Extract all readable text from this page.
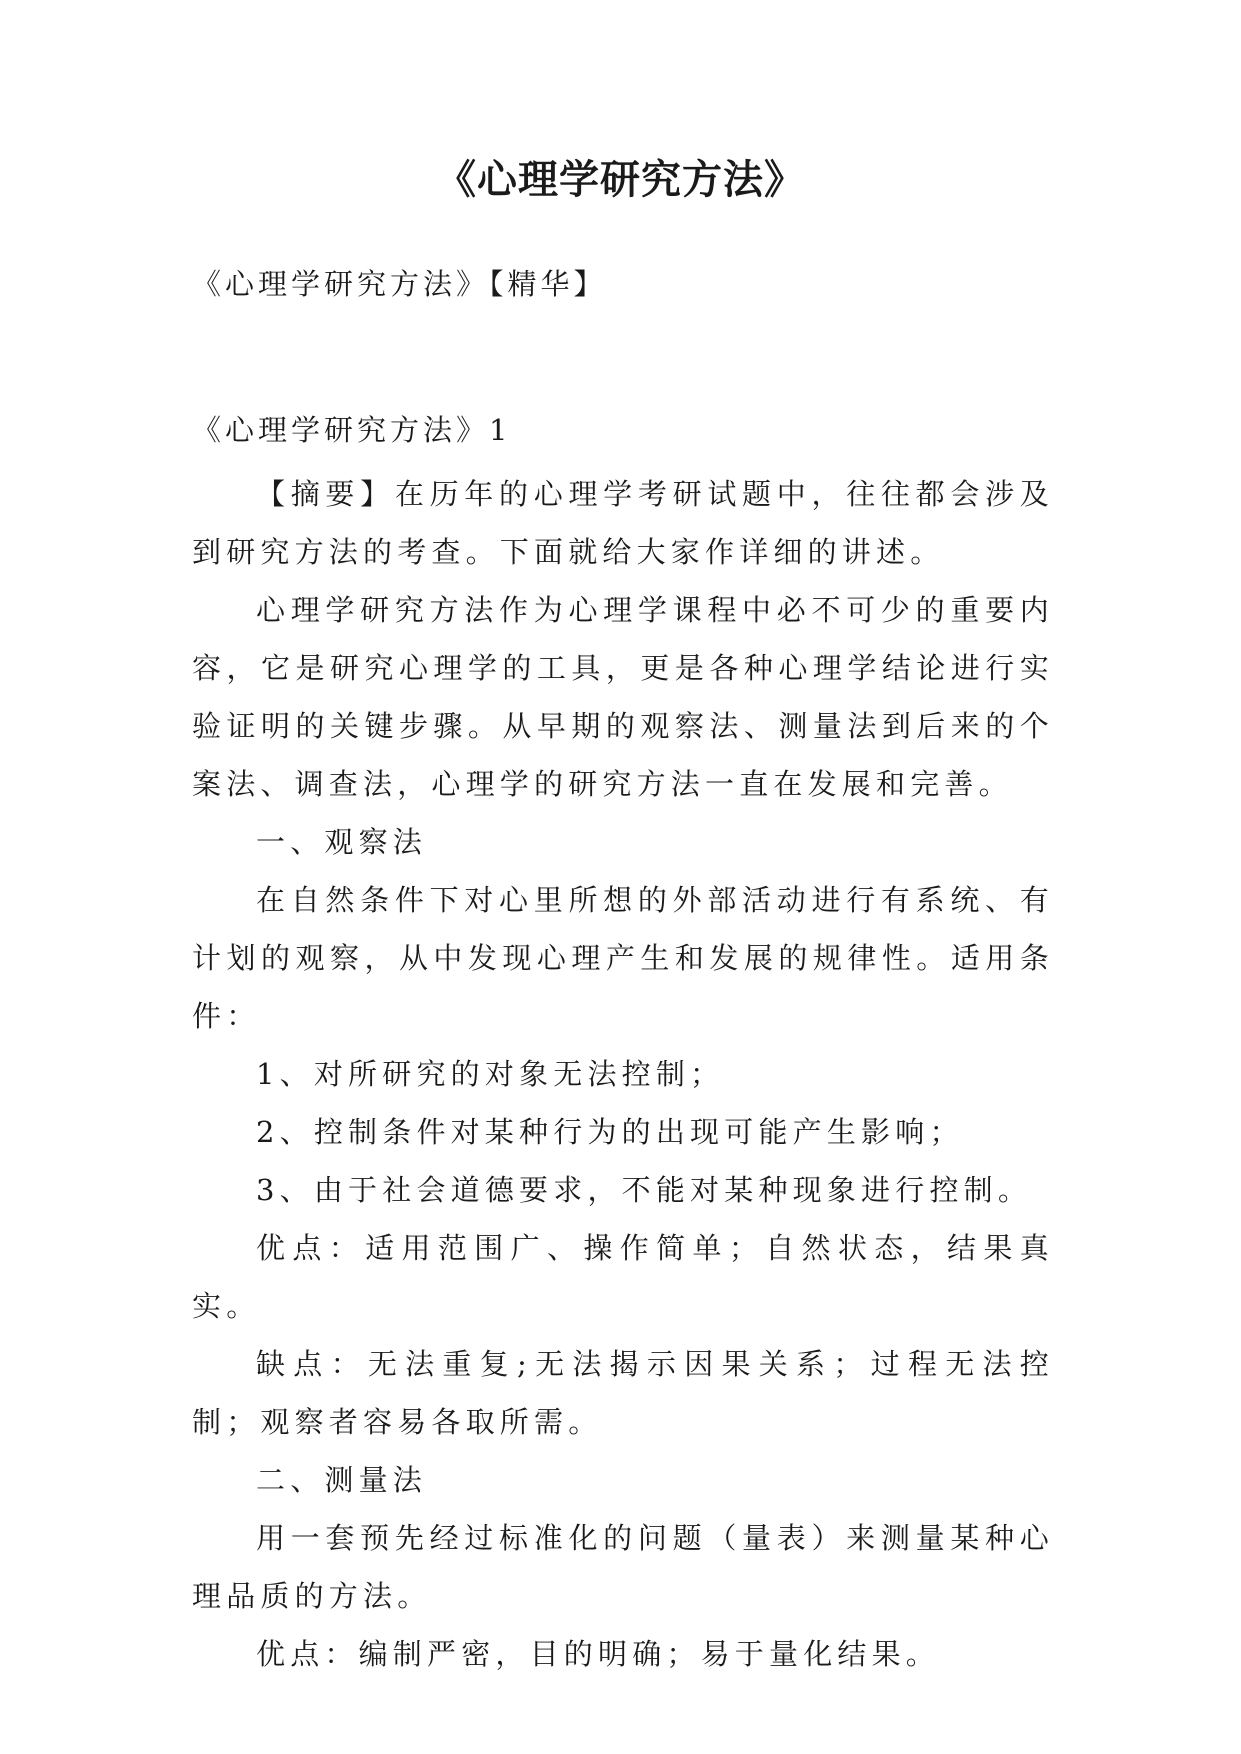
《心理学研究方法》
《心理学研究方法》【精华】
《心理学研究方法》1

【摘要】在历年的心理学考研试题中，往往都会涉及到研究方法的考查。下面就给大家作详细的讲述。

心理学研究方法作为心理学课程中必不可少的重要内容，它是研究心理学的工具，更是各种心理学结论进行实验证明的关键步骤。从早期的观察法、测量法到后来的个案法、调查法，心理学的研究方法一直在发展和完善。

一、观察法

在自然条件下对心里所想的外部活动进行有系统、有计划的观察，从中发现心理产生和发展的规律性。适用条件：

1、对所研究的对象无法控制；

2、控制条件对某种行为的出现可能产生影响；

3、由于社会道德要求，不能对某种现象进行控制。

优点：适用范围广、操作简单；自然状态，结果真实。

缺点：无法重复;无法揭示因果关系；过程无法控制；观察者容易各取所需。

二、测量法

用一套预先经过标准化的问题（量表）来测量某种心理品质的方法。

优点：编制严密，目的明确；易于量化结果。
